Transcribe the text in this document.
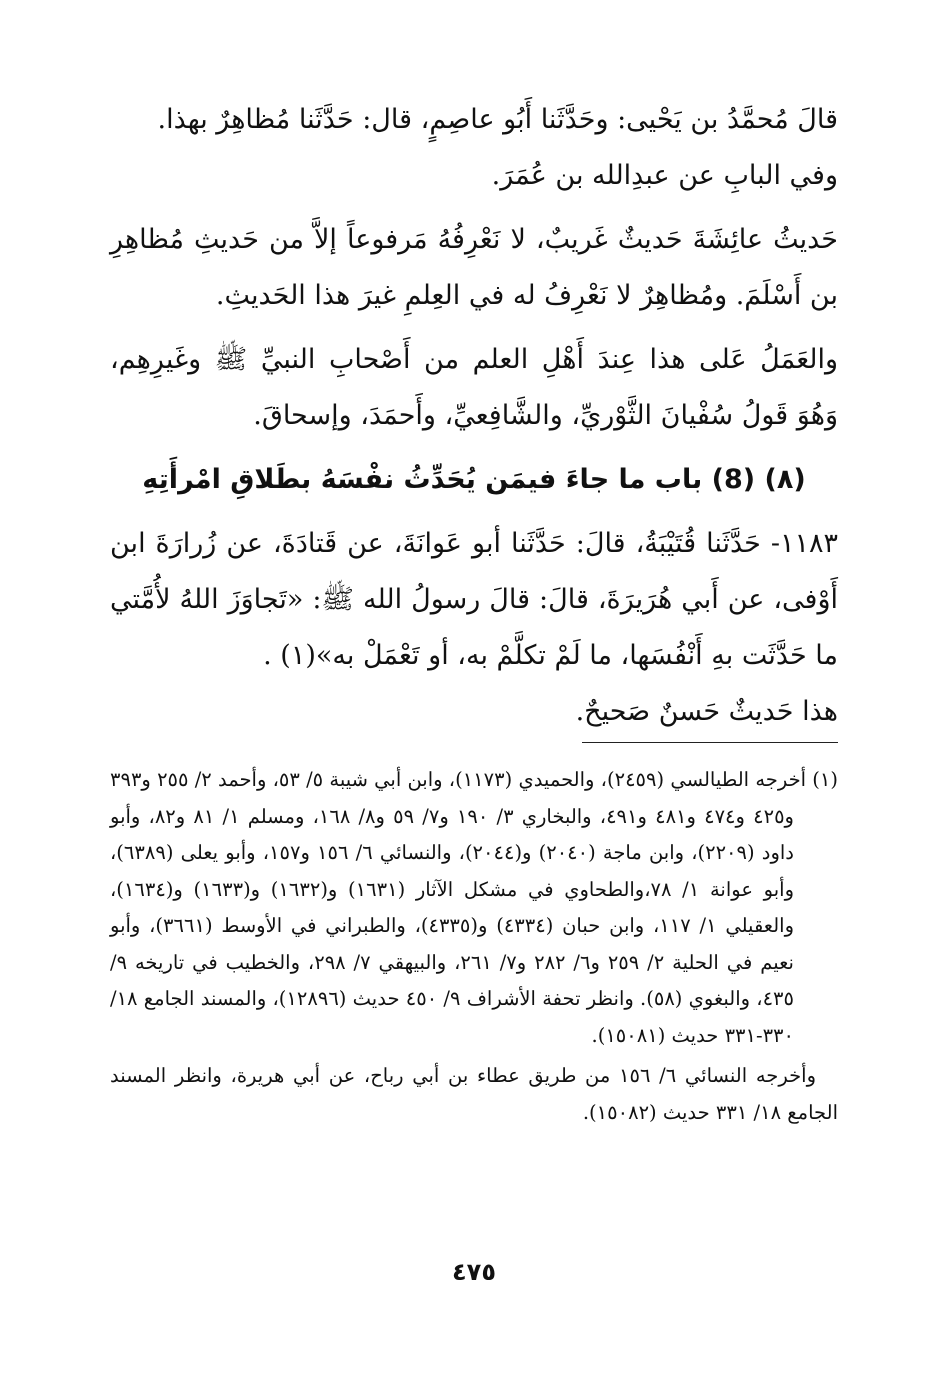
قالَ مُحمَّدُ بن يَحْيى: وحَدَّثَنا أَبُو عاصِمٍ، قال: حَدَّثَنا مُظاهِرٌ بهذا.

وفي البابِ عن عبدِالله بن عُمَرَ.

حَديثُ عائِشَةَ حَديثٌ غَريبٌ، لا نَعْرِفُهُ مَرفوعاً إلاَّ من حَديثِ مُظاهِرِ بن أَسْلَمَ. ومُظاهِرٌ لا نَعْرِفُ له في العِلمِ غيرَ هذا الحَديثِ.

والعَمَلُ عَلى هذا عِندَ أَهْلِ العلم من أَصْحابِ النبيِّ ﷺ وغَيرِهِم، وَهُوَ قَولُ سُفْيانَ الثَّوْريِّ، والشَّافِعيِّ، وأَحمَدَ، وإسحاقَ.

(٨) (8) باب ما جاءَ فيمَن يُحَدِّثُ نفْسَهُ بطَلاقِ امْرأَتِهِ

١١٨٣- حَدَّثَنا قُتَيْبَةُ، قالَ: حَدَّثَنا أبو عَوانَةَ، عن قَتادَةَ، عن زُرارَةَ ابن أَوْفى، عن أَبي هُرَيرَةَ، قالَ: قالَ رسولُ الله ﷺ: «تَجاوَزَ اللهُ لأُمَّتي ما حَدَّثَت بهِ أَنْفُسَها، ما لَمْ تكلَّمْ به، أو تَعْمَلْ به»(١) .

هذا حَديثٌ حَسنٌ صَحيحٌ.

(١) أخرجه الطيالسي (٢٤٥٩)، والحميدي (١١٧٣)، وابن أبي شيبة ٥/ ٥٣، وأحمد ٢/ ٢٥٥ و٣٩٣ و٤٢٥ و٤٧٤ و٤٨١ و٤٩١، والبخاري ٣/ ١٩٠ و٧/ ٥٩ و٨/ ١٦٨، ومسلم ١/ ٨١ و٨٢، وأبو داود (٢٢٠٩)، وابن ماجة (٢٠٤٠) و(٢٠٤٤)، والنسائي ٦/ ١٥٦ و١٥٧، وأبو يعلى (٦٣٨٩)، وأبو عوانة ١/ ٧٨،والطحاوي في مشكل الآثار (١٦٣١) و(١٦٣٢) و(١٦٣٣) و(١٦٣٤)، والعقيلي ١/ ١١٧، وابن حبان (٤٣٣٤) و(٤٣٣٥)، والطبراني في الأوسط (٣٦٦١)، وأبو نعيم في الحلية ٢/ ٢٥٩ و٦/ ٢٨٢ و٧/ ٢٦١، والبيهقي ٧/ ٢٩٨، والخطيب في تاريخه ٩/ ٤٣٥، والبغوي (٥٨). وانظر تحفة الأشراف ٩/ ٤٥٠ حديث (١٢٨٩٦)، والمسند الجامع ١٨/ ٣٣٠-٣٣١ حديث (١٥٠٨١).

وأخرجه النسائي ٦/ ١٥٦ من طريق عطاء بن أبي رباح، عن أبي هريرة، وانظر المسند الجامع ١٨/ ٣٣١ حديث (١٥٠٨٢).

٤٧٥
